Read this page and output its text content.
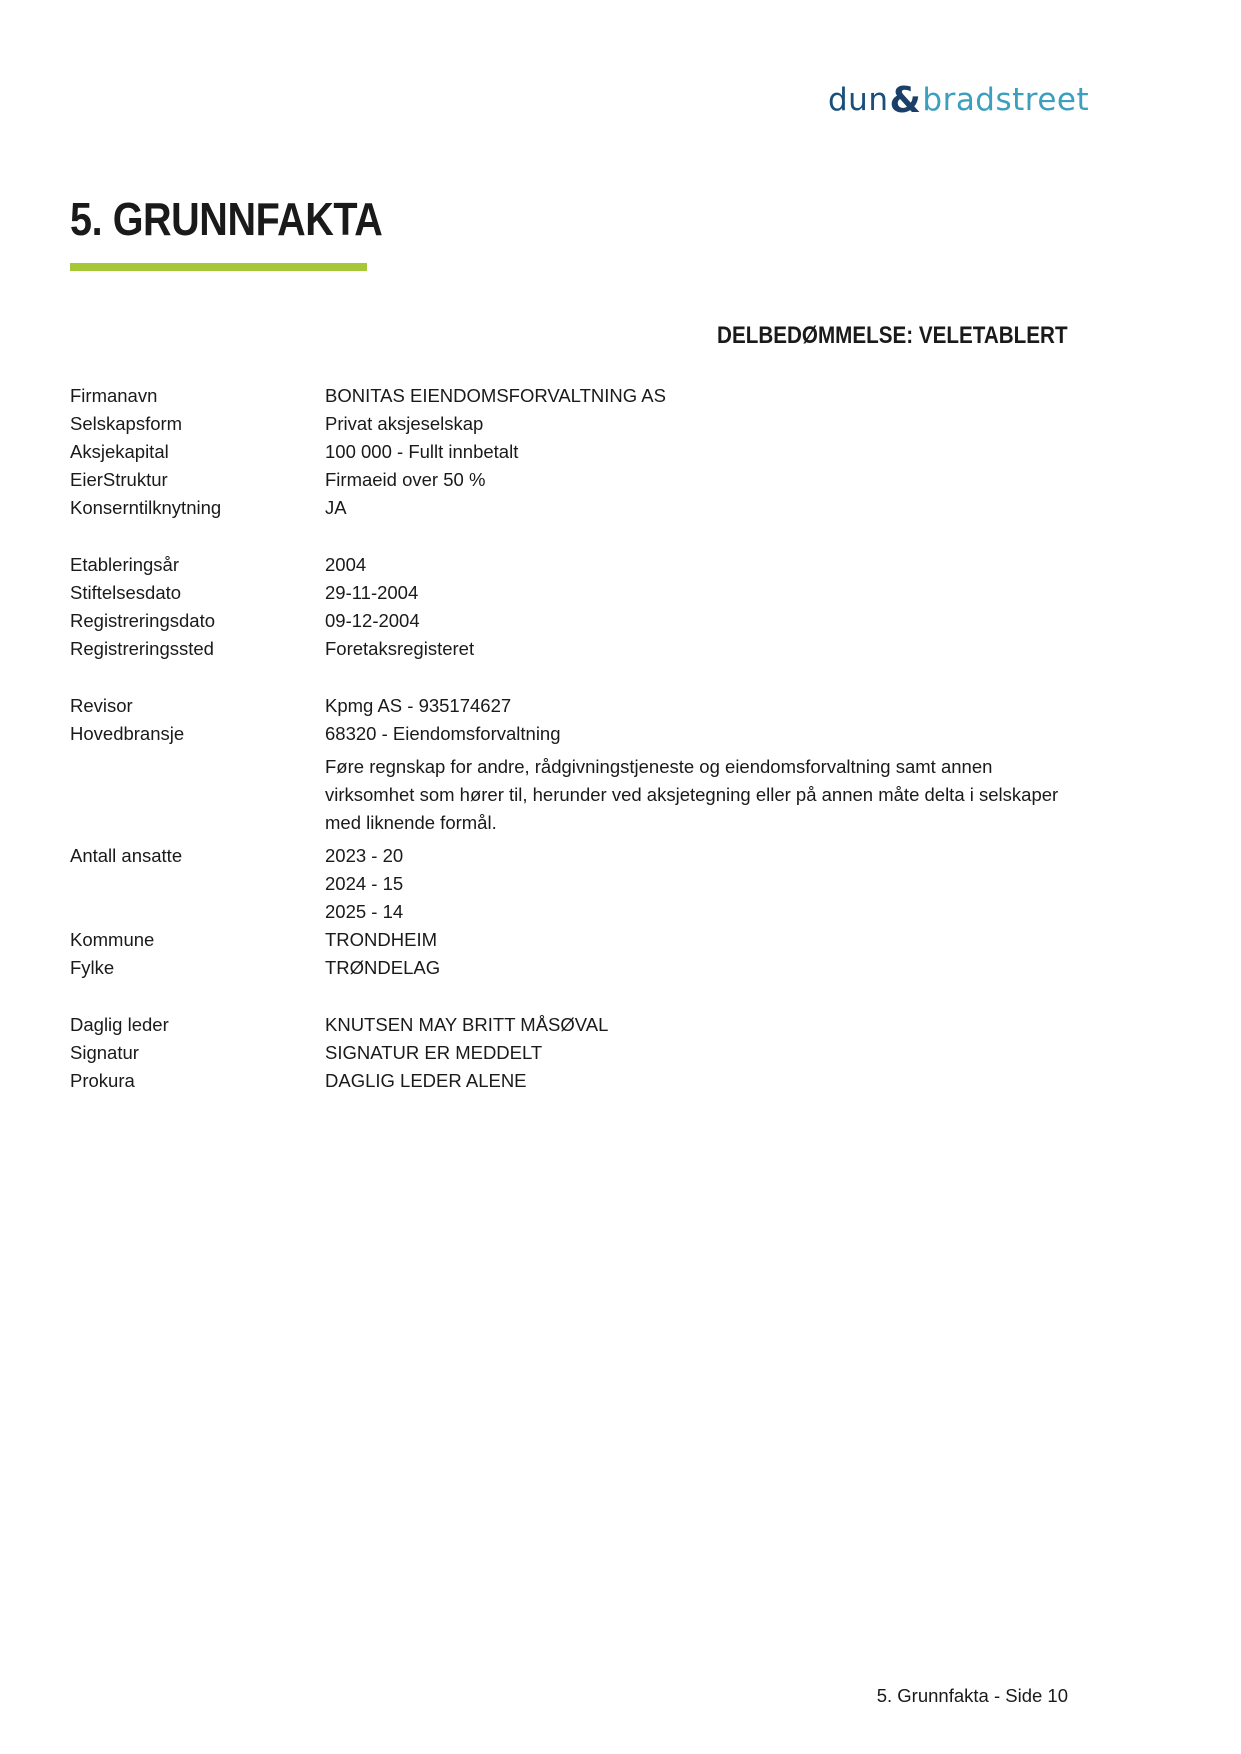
dun & bradstreet
5. GRUNNFAKTA
DELBEDØMMELSE: VELETABLERT
Firmanavn	BONITAS EIENDOMSFORVALTNING AS
Selskapsform	Privat aksjeselskap
Aksjekapital	100 000 - Fullt innbetalt
EierStruktur	Firmaeid over 50 %
Konserntilknytning	JA
Etableringsår	2004
Stiftelsesdato	29-11-2004
Registreringsdato	09-12-2004
Registreringssted	Foretaksregisteret
Revisor	Kpmg AS - 935174627
Hovedbransje	68320 - Eiendomsforvaltning
Føre regnskap for andre, rådgivningstjeneste og eiendomsforvaltning samt annen virksomhet som hører til, herunder ved aksjetegning eller på annen måte delta i selskaper med liknende formål.
Antall ansatte	2023 - 20
2024 - 15
2025 - 14
Kommune	TRONDHEIM
Fylke	TRØNDELAG
Daglig leder	KNUTSEN MAY BRITT MÅSØVAL
Signatur	SIGNATUR ER MEDDELT
Prokura	DAGLIG LEDER ALENE
5. Grunnfakta - Side 10
